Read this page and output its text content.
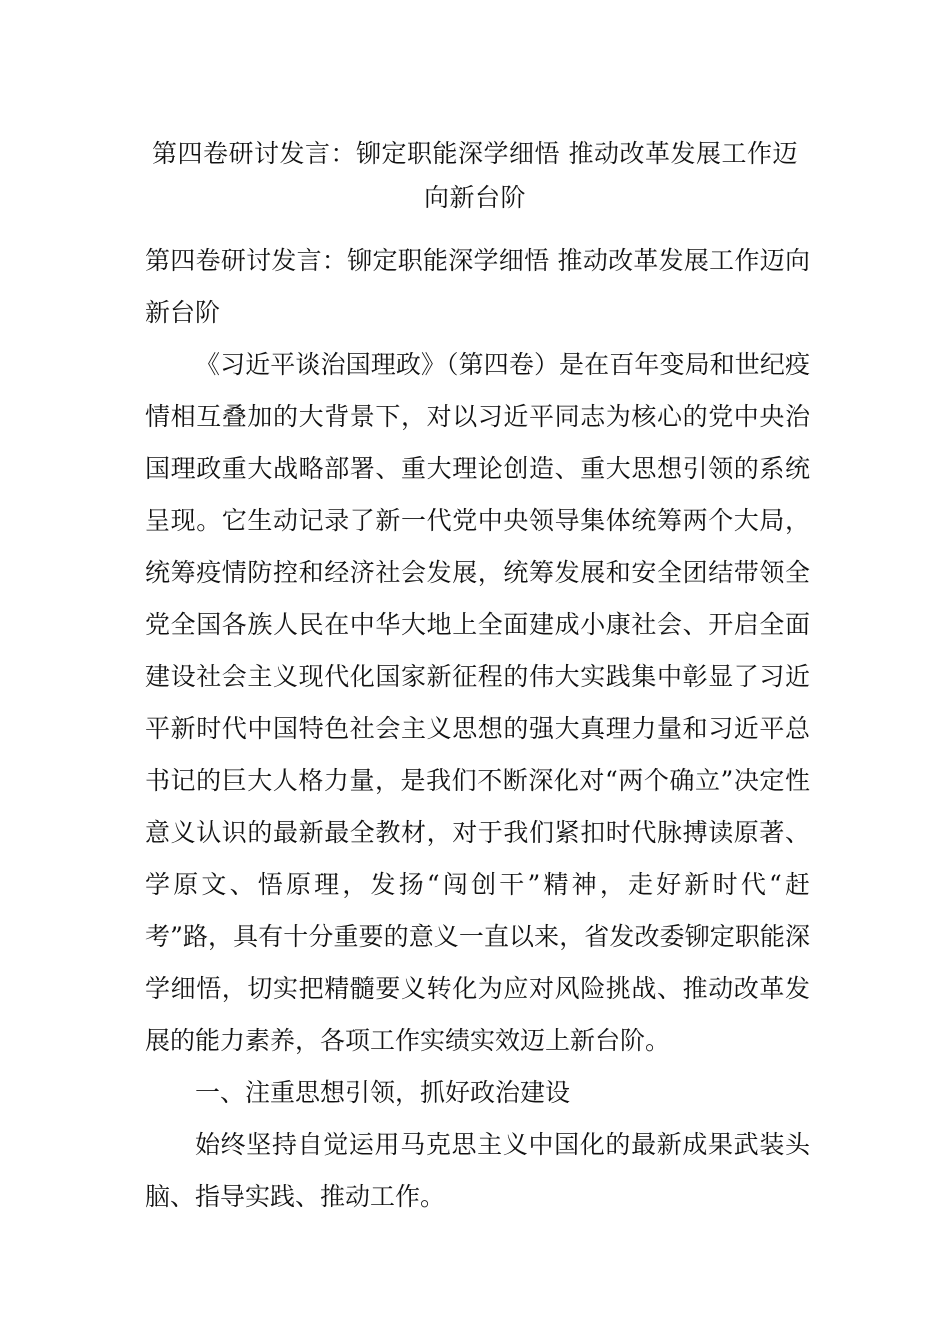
第四卷研讨发言：铆定职能深学细悟 推动改革发展工作迈向新台阶

第四卷研讨发言：铆定职能深学细悟 推动改革发展工作迈向新台阶

《习近平谈治国理政》（第四卷）是在百年变局和世纪疫情相互叠加的大背景下，对以习近平同志为核心的党中央治国理政重大战略部署、重大理论创造、重大思想引领的系统呈现。它生动记录了新一代党中央领导集体统筹两个大局，统筹疫情防控和经济社会发展，统筹发展和安全团结带领全党全国各族人民在中华大地上全面建成小康社会、开启全面建设社会主义现代化国家新征程的伟大实践集中彰显了习近平新时代中国特色社会主义思想的强大真理力量和习近平总书记的巨大人格力量，是我们不断深化对“两个确立”决定性意义认识的最新最全教材，对于我们紧扣时代脉搏读原著、学原文、悟原理，发扬“闯创干”精神，走好新时代“赶考”路，具有十分重要的意义一直以来，省发改委铆定职能深学细悟，切实把精髓要义转化为应对风险挑战、推动改革发展的能力素养，各项工作实绩实效迈上新台阶。

一、注重思想引领，抓好政治建设

始终坚持自觉运用马克思主义中国化的最新成果武装头脑、指导实践、推动工作。
